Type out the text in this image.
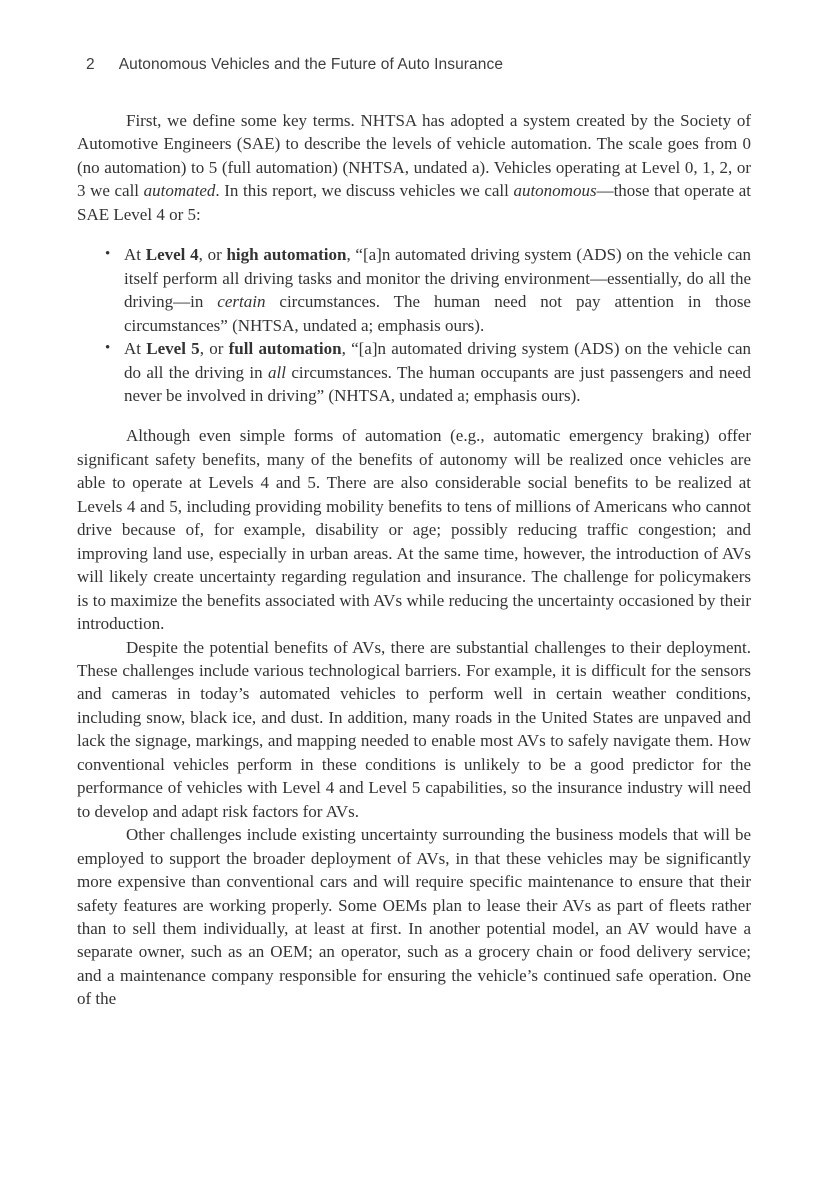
2 Autonomous Vehicles and the Future of Auto Insurance

First, we define some key terms. NHTSA has adopted a system created by the Society of Automotive Engineers (SAE) to describe the levels of vehicle automation. The scale goes from 0 (no automation) to 5 (full automation) (NHTSA, undated a). Vehicles operating at Level 0, 1, 2, or 3 we call automated. In this report, we discuss vehicles we call autonomous—those that operate at SAE Level 4 or 5:

• At Level 4, or high automation, “[a]n automated driving system (ADS) on the vehicle can itself perform all driving tasks and monitor the driving environment—essentially, do all the driving—in certain circumstances. The human need not pay attention in those circumstances” (NHTSA, undated a; emphasis ours).
• At Level 5, or full automation, “[a]n automated driving system (ADS) on the vehicle can do all the driving in all circumstances. The human occupants are just passengers and need never be involved in driving” (NHTSA, undated a; emphasis ours).

Although even simple forms of automation (e.g., automatic emergency braking) offer significant safety benefits, many of the benefits of autonomy will be realized once vehicles are able to operate at Levels 4 and 5. There are also considerable social benefits to be realized at Levels 4 and 5, including providing mobility benefits to tens of millions of Americans who cannot drive because of, for example, disability or age; possibly reducing traffic congestion; and improving land use, especially in urban areas. At the same time, however, the introduction of AVs will likely create uncertainty regarding regulation and insurance. The challenge for policymakers is to maximize the benefits associated with AVs while reducing the uncertainty occasioned by their introduction.

Despite the potential benefits of AVs, there are substantial challenges to their deployment. These challenges include various technological barriers. For example, it is difficult for the sensors and cameras in today’s automated vehicles to perform well in certain weather conditions, including snow, black ice, and dust. In addition, many roads in the United States are unpaved and lack the signage, markings, and mapping needed to enable most AVs to safely navigate them. How conventional vehicles perform in these conditions is unlikely to be a good predictor for the performance of vehicles with Level 4 and Level 5 capabilities, so the insurance industry will need to develop and adapt risk factors for AVs.

Other challenges include existing uncertainty surrounding the business models that will be employed to support the broader deployment of AVs, in that these vehicles may be significantly more expensive than conventional cars and will require specific maintenance to ensure that their safety features are working properly. Some OEMs plan to lease their AVs as part of fleets rather than to sell them individually, at least at first. In another potential model, an AV would have a separate owner, such as an OEM; an operator, such as a grocery chain or food delivery service; and a maintenance company responsible for ensuring the vehicle’s continued safe operation. One of the
